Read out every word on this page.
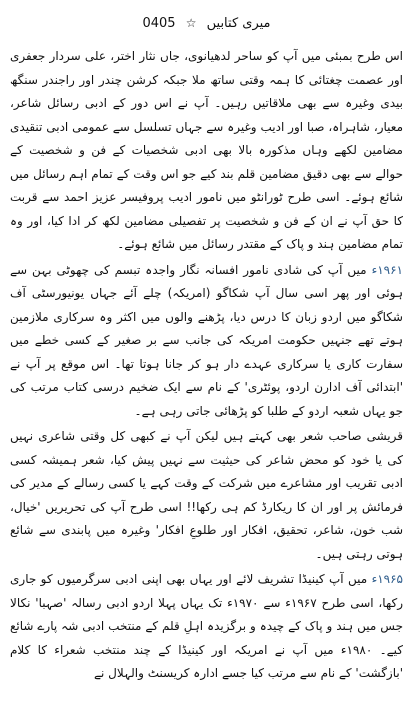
میری کتابیں ☆ 0405

اس طرح بمبئی میں آپ کو ساحر لدھیانوی، جاں نثار اختر، علی سردار جعفری اور عصمت چغتائی کا ہمہ وقتی ساتھ ملا جبکہ کرشن چندر اور راجندر سنگھ بیدی وغیرہ سے بھی ملاقاتیں رہیں۔ آپ نے اس دور کے ادبی رسائل شاعر، معیار، شاہراہ، صبا اور ادیب وغیرہ سے جہاں تسلسل سے عمومی ادبی تنقیدی مضامین لکھے وہاں مذکورہ بالا بھی ادبی شخصیات کے فن و شخصیت کے حوالے سے بھی دقیق مضامین قلم بند کیے جو اس وقت کے تمام اہم رسائل میں شائع ہوئے۔ اسی طرح ٹورانٹو میں نامور ادیب پروفیسر عزیز احمد سے قربت کا حق آپ نے ان کے فن و شخصیت پر تفصیلی مضامین لکھ کر ادا کیا، اور وہ تمام مضامین ہند و پاک کے مقتدر رسائل میں شائع ہوئے۔

۱۹۶۱ء میں آپ کی شادی نامور افسانہ نگار واجدہ تبسم کی چھوٹی بہن سے ہوئی اور پھر اسی سال آپ شکاگو (امریکہ) چلے آئے جہاں یونیورسٹی آف شکاگو میں اردو زبان کا درس دیا، پڑھنے والوں میں اکثر وہ سرکاری ملازمین ہوتے تھے جنہیں حکومت امریکہ کی جانب سے بر صغیر کے کسی خطے میں سفارت کاری یا سرکاری عہدے دار ہو کر جانا ہوتا تھا۔ اس موقع پر آپ نے 'ابتدائی آف ادارن اردو، پوئٹری' کے نام سے ایک ضخیم درسی کتاب مرتب کی جو یہاں شعبہ اردو کے طلبا کو پڑھائی جاتی رہی ہے۔

قریشی صاحب شعر بھی کہتے ہیں لیکن آپ نے کبھی کل وقتی شاعری نہیں کی یا خود کو محض شاعر کی حیثیت سے نہیں پیش کیا، شعر ہمیشہ کسی ادبی تقریب اور مشاعرے میں شرکت کے وقت کہے یا کسی رسالے کے مدیر کی فرمائش پر اور ان کا ریکارڈ کم ہی رکھا!! اسی طرح آپ کی تحریریں 'خیال، شب خون، شاعر، تحقیق، افکار اور طلوعِ افکار' وغیرہ میں پابندی سے شائع ہوتی رہتی ہیں۔

۱۹۶۵ء میں آپ کینیڈا تشریف لائے اور یہاں بھی اپنی ادبی سرگرمیوں کو جاری رکھا، اسی طرح ۱۹۶۷ء سے ۱۹۷۰ء تک یہاں پہلا اردو ادبی رسالہ 'صہبا' نکالا جس میں ہند و پاک کے چیدہ و برگزیدہ اہلِ قلم کے منتخب ادبی شہ پارے شائع کیے۔ ۱۹۸۰ء میں آپ نے امریکہ اور کینیڈا کے چند منتخب شعراء کا کلام 'بازگشت' کے نام سے مرتب کیا جسے ادارہ کریسنٹ والہلال نے
